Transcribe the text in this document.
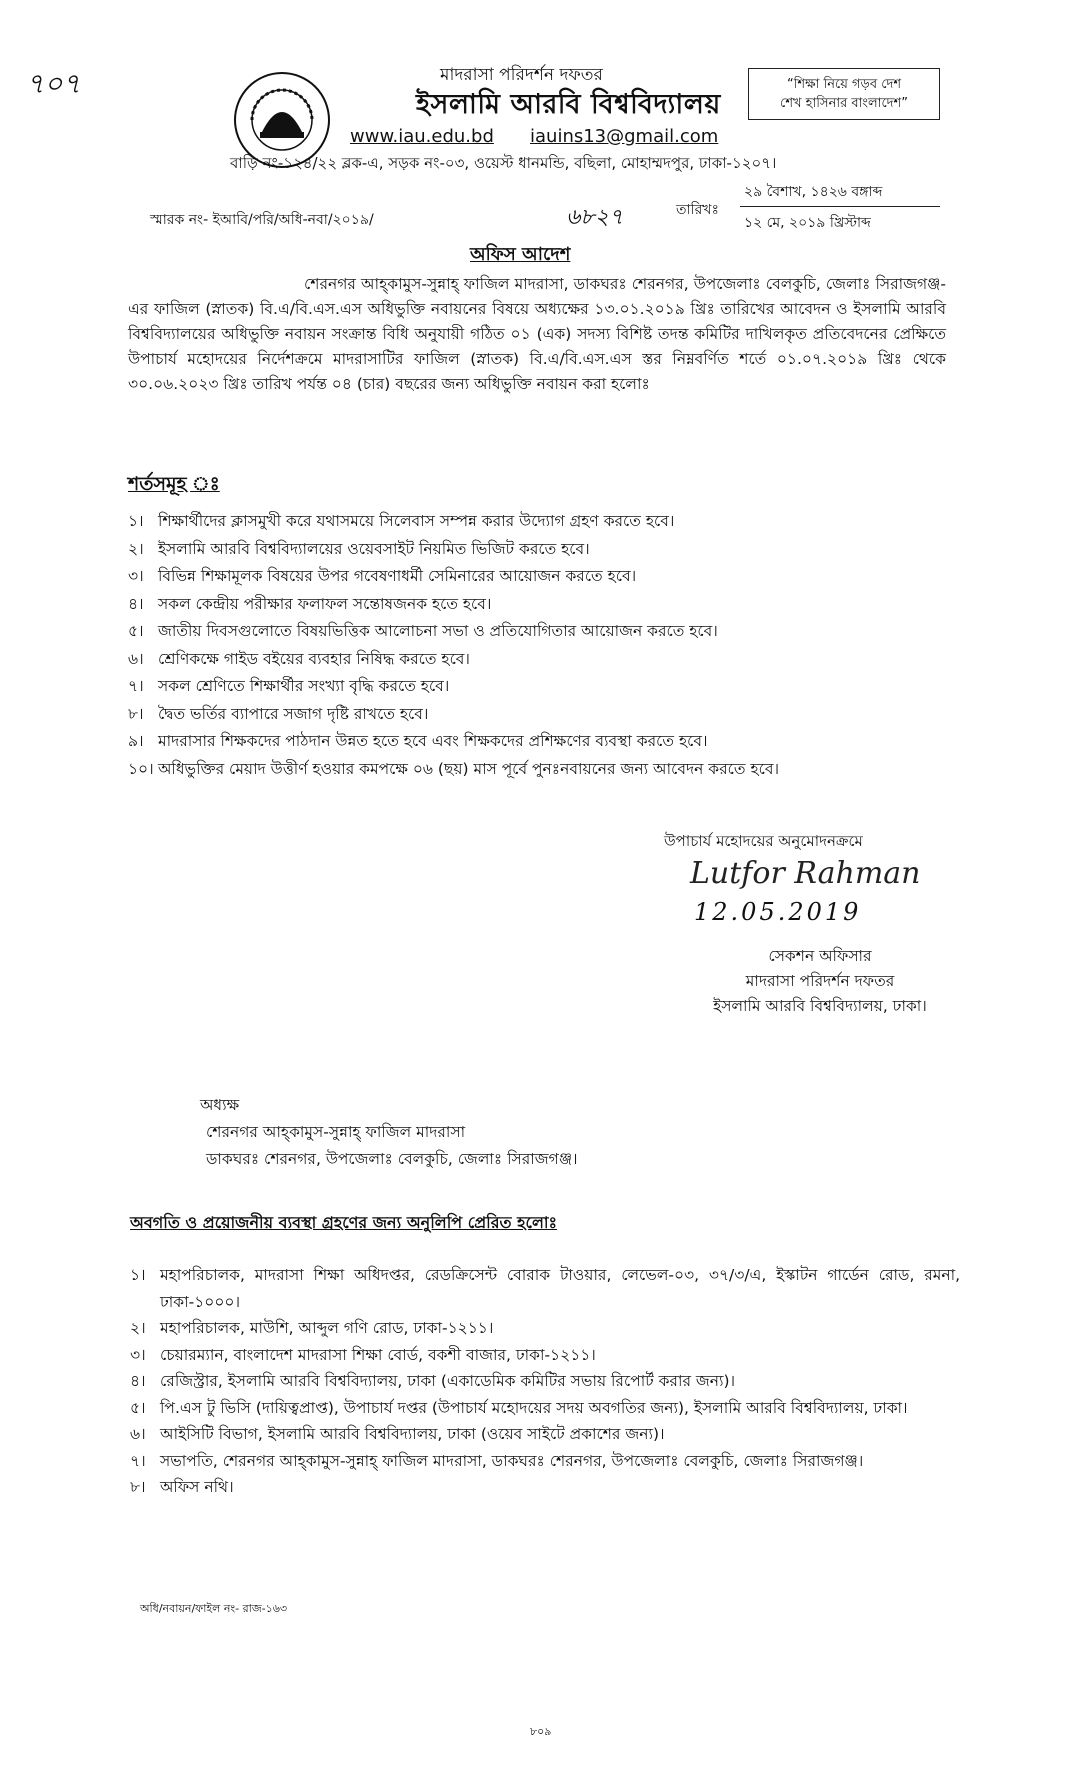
৭০৭	মাদরাসা পরিদর্শন দফতর
ইসলামি আরবি বিশ্ববিদ্যালয়
www.iau.edu.bd iauins13@gmail.com
বাড়ি নং-১২৪/২২ ব্লক-এ, সড়ক নং-০৩, ওয়েস্ট ধানমন্ডি, বছিলা, মোহাম্মদপুর, ঢাকা-১২০৭।
“শিক্ষা নিয়ে গড়ব দেশ
শেখ হাসিনার বাংলাদেশ”
স্মারক নং- ইআবি/পরি/অধি-নবা/২০১৯/	৬৮২৭	তারিখঃ
২৯ বৈশাখ, ১৪২৬ বঙ্গাব্দ
১২ মে, ২০১৯ খ্রিস্টাব্দ
অফিস আদেশ
শেরনগর আহ্‌কামুস-সুন্নাহ্‌ ফাজিল মাদরাসা, ডাকঘরঃ শেরনগর, উপজেলাঃ বেলকুচি, জেলাঃ সিরাজগঞ্জ-এর ফাজিল (স্নাতক) বি.এ/বি.এস.এস অধিভুক্তি নবায়নের বিষয়ে অধ্যক্ষের ১৩.০১.২০১৯ খ্রিঃ তারিখের আবেদন ও ইসলামি আরবি বিশ্ববিদ্যালয়ের অধিভুক্তি নবায়ন সংক্রান্ত বিধি অনুযায়ী গঠিত ০১ (এক) সদস্য বিশিষ্ট তদন্ত কমিটির দাখিলকৃত প্রতিবেদনের প্রেক্ষিতে উপাচার্য মহোদয়ের নির্দেশক্রমে মাদরাসাটির ফাজিল (স্নাতক) বি.এ/বি.এস.এস স্তর নিম্নবর্ণিত শর্তে ০১.০৭.২০১৯ খ্রিঃ থেকে ৩০.০৬.২০২৩ খ্রিঃ তারিখ পর্যন্ত ০৪ (চার) বছরের জন্য অধিভুক্তি নবায়ন করা হলোঃ
শর্তসমূহ ঃ
১। শিক্ষার্থীদের ক্লাসমুখী করে যথাসময়ে সিলেবাস সম্পন্ন করার উদ্যোগ গ্রহণ করতে হবে।
২। ইসলামি আরবি বিশ্ববিদ্যালয়ের ওয়েবসাইট নিয়মিত ভিজিট করতে হবে।
৩। বিভিন্ন শিক্ষামূলক বিষয়ের উপর গবেষণাধর্মী সেমিনারের আয়োজন করতে হবে।
৪। সকল কেন্দ্রীয় পরীক্ষার ফলাফল সন্তোষজনক হতে হবে।
৫। জাতীয় দিবসগুলোতে বিষয়ভিত্তিক আলোচনা সভা ও প্রতিযোগিতার আয়োজন করতে হবে।
৬। শ্রেণিকক্ষে গাইড বইয়ের ব্যবহার নিষিদ্ধ করতে হবে।
৭। সকল শ্রেণিতে শিক্ষার্থীর সংখ্যা বৃদ্ধি করতে হবে।
৮। দ্বৈত ভর্তির ব্যাপারে সজাগ দৃষ্টি রাখতে হবে।
৯। মাদরাসার শিক্ষকদের পাঠদান উন্নত হতে হবে এবং শিক্ষকদের প্রশিক্ষণের ব্যবস্থা করতে হবে।
১০। অধিভুক্তির মেয়াদ উত্তীর্ণ হওয়ার কমপক্ষে ০৬ (ছয়) মাস পূর্বে পুনঃনবায়নের জন্য আবেদন করতে হবে।
উপাচার্য মহোদয়ের অনুমোদনক্রমে
Lutfor Rahman
12.05.2019
সেকশন অফিসার
মাদরাসা পরিদর্শন দফতর
ইসলামি আরবি বিশ্ববিদ্যালয়, ঢাকা।
অধ্যক্ষ
শেরনগর আহ্‌কামুস-সুন্নাহ্‌ ফাজিল মাদরাসা
ডাকঘরঃ শেরনগর, উপজেলাঃ বেলকুচি, জেলাঃ সিরাজগঞ্জ।
অবগতি ও প্রয়োজনীয় ব্যবস্থা গ্রহণের জন্য অনুলিপি প্রেরিত হলোঃ
১। মহাপরিচালক, মাদরাসা শিক্ষা অধিদপ্তর, রেডক্রিসেন্ট বোরাক টাওয়ার, লেভেল-০৩, ৩৭/৩/এ, ইস্কাটন গার্ডেন রোড, রমনা, ঢাকা-১০০০।
২। মহাপরিচালক, মাউশি, আব্দুল গণি রোড, ঢাকা-১২১১।
৩। চেয়ারম্যান, বাংলাদেশ মাদরাসা শিক্ষা বোর্ড, বকশী বাজার, ঢাকা-১২১১।
৪। রেজিস্ট্রার, ইসলামি আরবি বিশ্ববিদ্যালয়, ঢাকা (একাডেমিক কমিটির সভায় রিপোর্ট করার জন্য)।
৫। পি.এস টু ভিসি (দায়িত্বপ্রাপ্ত), উপাচার্য দপ্তর (উপাচার্য মহোদয়ের সদয় অবগতির জন্য), ইসলামি আরবি বিশ্ববিদ্যালয়, ঢাকা।
৬। আইসিটি বিভাগ, ইসলামি আরবি বিশ্ববিদ্যালয়, ঢাকা (ওয়েব সাইটে প্রকাশের জন্য)।
৭। সভাপতি, শেরনগর আহ্‌কামুস-সুন্নাহ্‌ ফাজিল মাদরাসা, ডাকঘরঃ শেরনগর, উপজেলাঃ বেলকুচি, জেলাঃ সিরাজগঞ্জ।
৮। অফিস নথি।
অধি/নবায়ন/ফাইল নং- রাজ-১৬৩
৮০৯
